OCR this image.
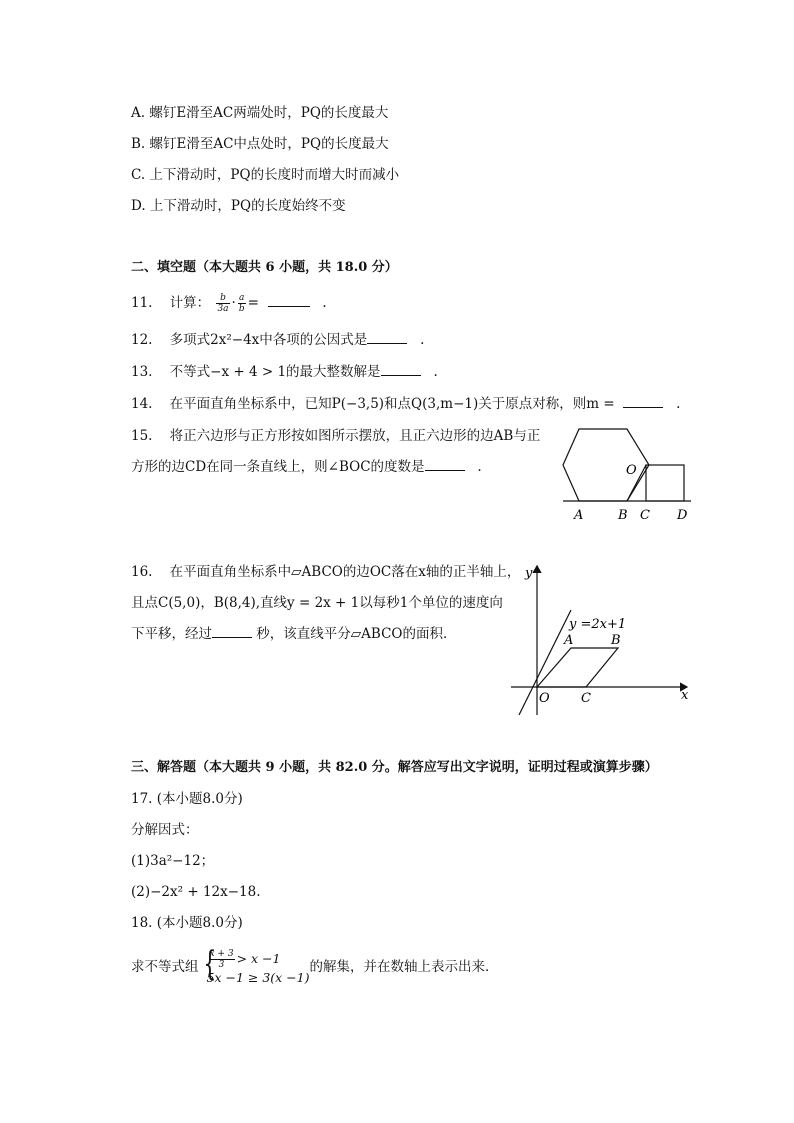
A. 螺钉E滑至AC两端处时，PQ的长度最大
B. 螺钉E滑至AC中点处时，PQ的长度最大
C. 上下滑动时，PQ的长度时而增大时而减小
D. 上下滑动时，PQ的长度始终不变
二、填空题（本大题共 6 小题，共 18.0 分）
11. 计算： $\frac{b}{3a} \cdot \frac{a}{b}$ =	.
12. 多项式2x²−4x中各项的公因式是	.
13. 不等式−x + 4 > 1的最大整数解是	.
14. 在平面直角坐标系中，已知P(−3,5)和点Q(3,m−1)关于原点对称，则m =	.
15. 将正六边形与正方形按如图所示摆放，且正六边形的边AB与正
方形的边CD在同一条直线上，则∠BOC的度数是	.
A	B C D
O
16. 在平面直角坐标系中▱ABCO的边OC落在x轴的正半轴上，
且点C(5,0)，B(8,4),直线y = 2x + 1以每秒1个单位的速度向
下平移，经过	秒，该直线平分▱ABCO的面积．
y
x
O
A	B
C
y =2x+1
三、解答题（本大题共 9 小题，共 82.0 分。解答应写出文字说明，证明过程或演算步骤）
17. (本小题8.0分)
分解因式：
(1)3a²−12；
(2)−2x² + 12x−18.
18. (本小题8.0分)
求不等式组 {
$\frac{x + 3}{3} > x -1$
5x −1 ≥ 3(x −1)
的解集，并在数轴上表示出来．
